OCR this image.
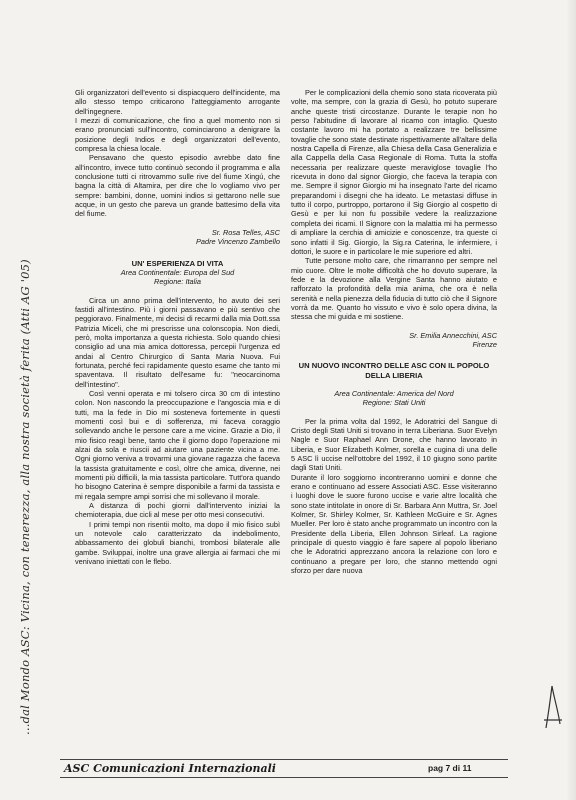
...dal Mondo ASC: Vicina, con tenerezza, alla nostra società ferita (Atti AG '05)

Gli organizzatori dell'evento si dispiacquero dell'incidente, ma allo stesso tempo criticarono l'atteggiamento arrogante dell'ingegnere.

I mezzi di comunicazione, che fino a quel momento non si erano pronunciati sull'incontro, cominciarono a denigrare la posizione degli Indios e degli organizzatori dell'evento, compresa la chiesa locale.

Pensavano che questo episodio avrebbe dato fine all'incontro, invece tutto continuò secondo il programma e alla conclusione tutti ci ritrovammo sulle rive del fiume Xingú, che bagna la città di Altamira, per dire che lo vogliamo vivo per sempre: bambini, donne, uomini indios si gettarono nelle sue acque, in un gesto che pareva un grande battesimo della vita del fiume.

Sr. Rosa Telles, ASC

Padre Vincenzo Zambello

UN' ESPERIENZA DI VITA

Area Continentale: Europa del Sud

Regione: Italia

Circa un anno prima dell'intervento, ho avuto dei seri fastidi all'intestino. Più i giorni passavano e più sentivo che peggioravo. Finalmente, mi decisi di recarmi dalla mia Dott.ssa Patrizia Miceli, che mi prescrisse una colonscopia. Non diedi, però, molta importanza a questa richiesta. Solo quando chiesi consiglio ad una mia amica dottoressa, percepii l'urgenza ed andai al Centro Chirurgico di Santa Maria Nuova. Fui fortunata, perché feci rapidamente questo esame che tanto mi spaventava. Il risultato dell'esame fu: "neocarcinoma dell'intestino".

Così venni operata e mi tolsero circa 30 cm di intestino colon. Non nascondo la preoccupazione e l'angoscia mia e di tutti, ma la fede in Dio mi sosteneva fortemente in questi momenti così bui e di sofferenza, mi faceva coraggio sollevando anche le persone care a me vicine. Grazie a Dio, il mio fisico reagì bene, tanto che il giorno dopo l'operazione mi alzai da sola e riuscii ad aiutare una paziente vicina a me. Ogni giorno veniva a trovarmi una giovane ragazza che faceva la tassista gratuitamente e così, oltre che amica, divenne, nei momenti più difficili, la mia tassista particolare. Tutt'ora quando ho bisogno Caterina è sempre disponibile a farmi da tassista e mi regala sempre ampi sorrisi che mi sollevano il morale.

A distanza di pochi giorni dall'intervento iniziai la chemioterapia, due cicli al mese per otto mesi consecutivi.

I primi tempi non risentii molto, ma dopo il mio fisico subì un notevole calo caratterizzato da indebolimento, abbassamento dei globuli bianchi, trombosi bilaterale alle gambe. Sviluppai, inoltre una grave allergia ai farmaci che mi venivano iniettati con le flebo.

Per le complicazioni della chemio sono stata ricoverata più volte, ma sempre, con la grazia di Gesù, ho potuto superare anche queste tristi circostanze. Durante le terapie non ho perso l'abitudine di lavorare al ricamo con intaglio. Questo costante lavoro mi ha portato a realizzare tre bellissime tovaglie che sono state destinate rispettivamente all'altare della nostra Capella di Firenze, alla Chiesa della Casa Generalizia e alla Cappella della Casa Regionale di Roma. Tutta la stoffa necessaria per realizzare queste meraviglose tovaglie l'ho ricevuta in dono dal signor Giorgio, che faceva la terapia con me. Sempre il signor Giorgio mi ha insegnato l'arte del ricamo preparandomi i disegni che ha ideato. Le metastasi diffuse in tutto il corpo, purtroppo, portarono il Sig Giorgio al cospetto di Gesù e per lui non fu possibile vedere la realizzazione completa dei ricami. Il Signore con la malattia mi ha permesso di ampliare la cerchia di amicizie e conoscenze, tra queste ci sono infatti il Sig. Giorgio, la Sig.ra Caterina, le infermiere, i dottori, le suore e in particolare le mie superiore ed altri.

Tutte persone molto care, che rimarranno per sempre nel mio cuore. Oltre le molte difficoltà che ho dovuto superare, la fede e la devozione alla Vergine Santa hanno aiutato e rafforzato la profondità della mia anima, che ora è nella serenità e nella pienezza della fiducia di tutto ciò che il Signore vorrà da me. Quanto ho vissuto e vivo è solo opera divina, la stessa che mi guida e mi sostiene.

Sr. Emilia Annecchini, ASC

Firenze

UN NUOVO INCONTRO DELLE ASC CON IL POPOLO DELLA LIBERIA

Area Continentale: America del Nord

Regione: Stati Uniti

Per la prima volta dal 1992, le Adoratrici del Sangue di Cristo degli Stati Uniti si trovano in terra Liberiana. Suor Evelyn Nagle e Suor Raphael Ann Drone, che hanno lavorato in Liberia, e Suor Elizabeth Kolmer, sorella e cugina di una delle 5 ASC lì uccise nell'ottobre del 1992, il 10 giugno sono partite dagli Stati Uniti.

Durante il loro soggiorno incontreranno uomini e donne che erano e continuano ad essere Associati ASC. Esse visiteranno i luoghi dove le suore furono uccise e varie altre località che sono state intitolate in onore di Sr. Barbara Ann Muttra, Sr. Joel Kolmer, Sr. Shirley Kolmer, Sr. Kathleen McGuire e Sr. Agnes Mueller. Per loro è stato anche programmato un incontro con la Presidente della Liberia, Ellen Johnson Sirleaf. La ragione principale di questo viaggio è fare sapere al popolo liberiano che le Adoratrici apprezzano ancora la relazione con loro e continuano a pregare per loro, che stanno mettendo ogni sforzo per dare nuova

ASC Comunicazioni Internazionali	pag 7 di 11
